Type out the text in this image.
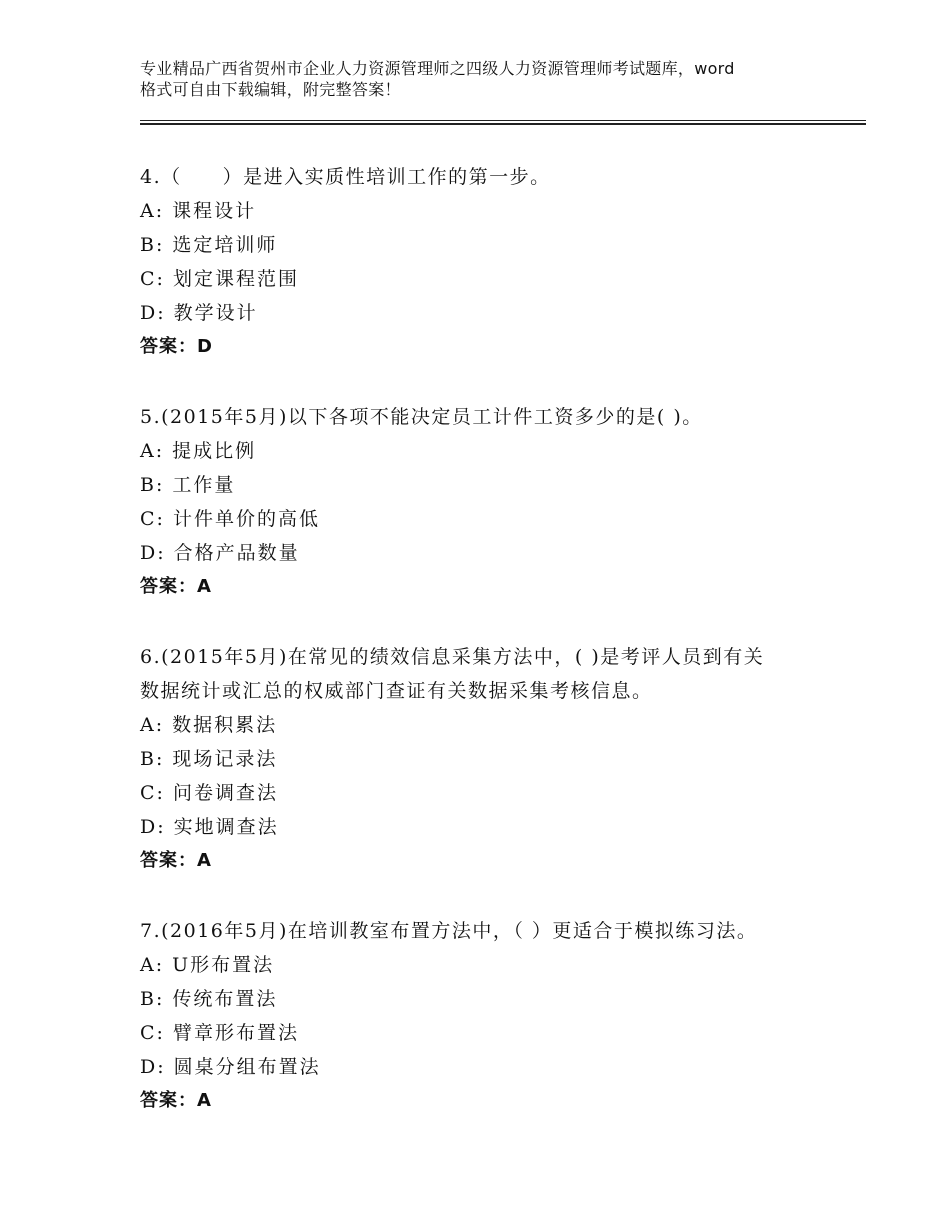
专业精品广西省贺州市企业人力资源管理师之四级人力资源管理师考试题库，word
格式可自由下载编辑，附完整答案！
4.（　　）是进入实质性培训工作的第一步。
A: 课程设计
B: 选定培训师
C: 划定课程范围
D: 教学设计
答案：D
5.(2015年5月)以下各项不能决定员工计件工资多少的是( )。
A: 提成比例
B: 工作量
C: 计件单价的高低
D: 合格产品数量
答案：A
6.(2015年5月)在常见的绩效信息采集方法中，( )是考评人员到有关
数据统计或汇总的权威部门查证有关数据采集考核信息。
A: 数据积累法
B: 现场记录法
C: 问卷调查法
D: 实地调查法
答案：A
7.(2016年5月)在培训教室布置方法中，（ ）更适合于模拟练习法。
A: U形布置法
B: 传统布置法
C: 臂章形布置法
D: 圆桌分组布置法
答案：A
